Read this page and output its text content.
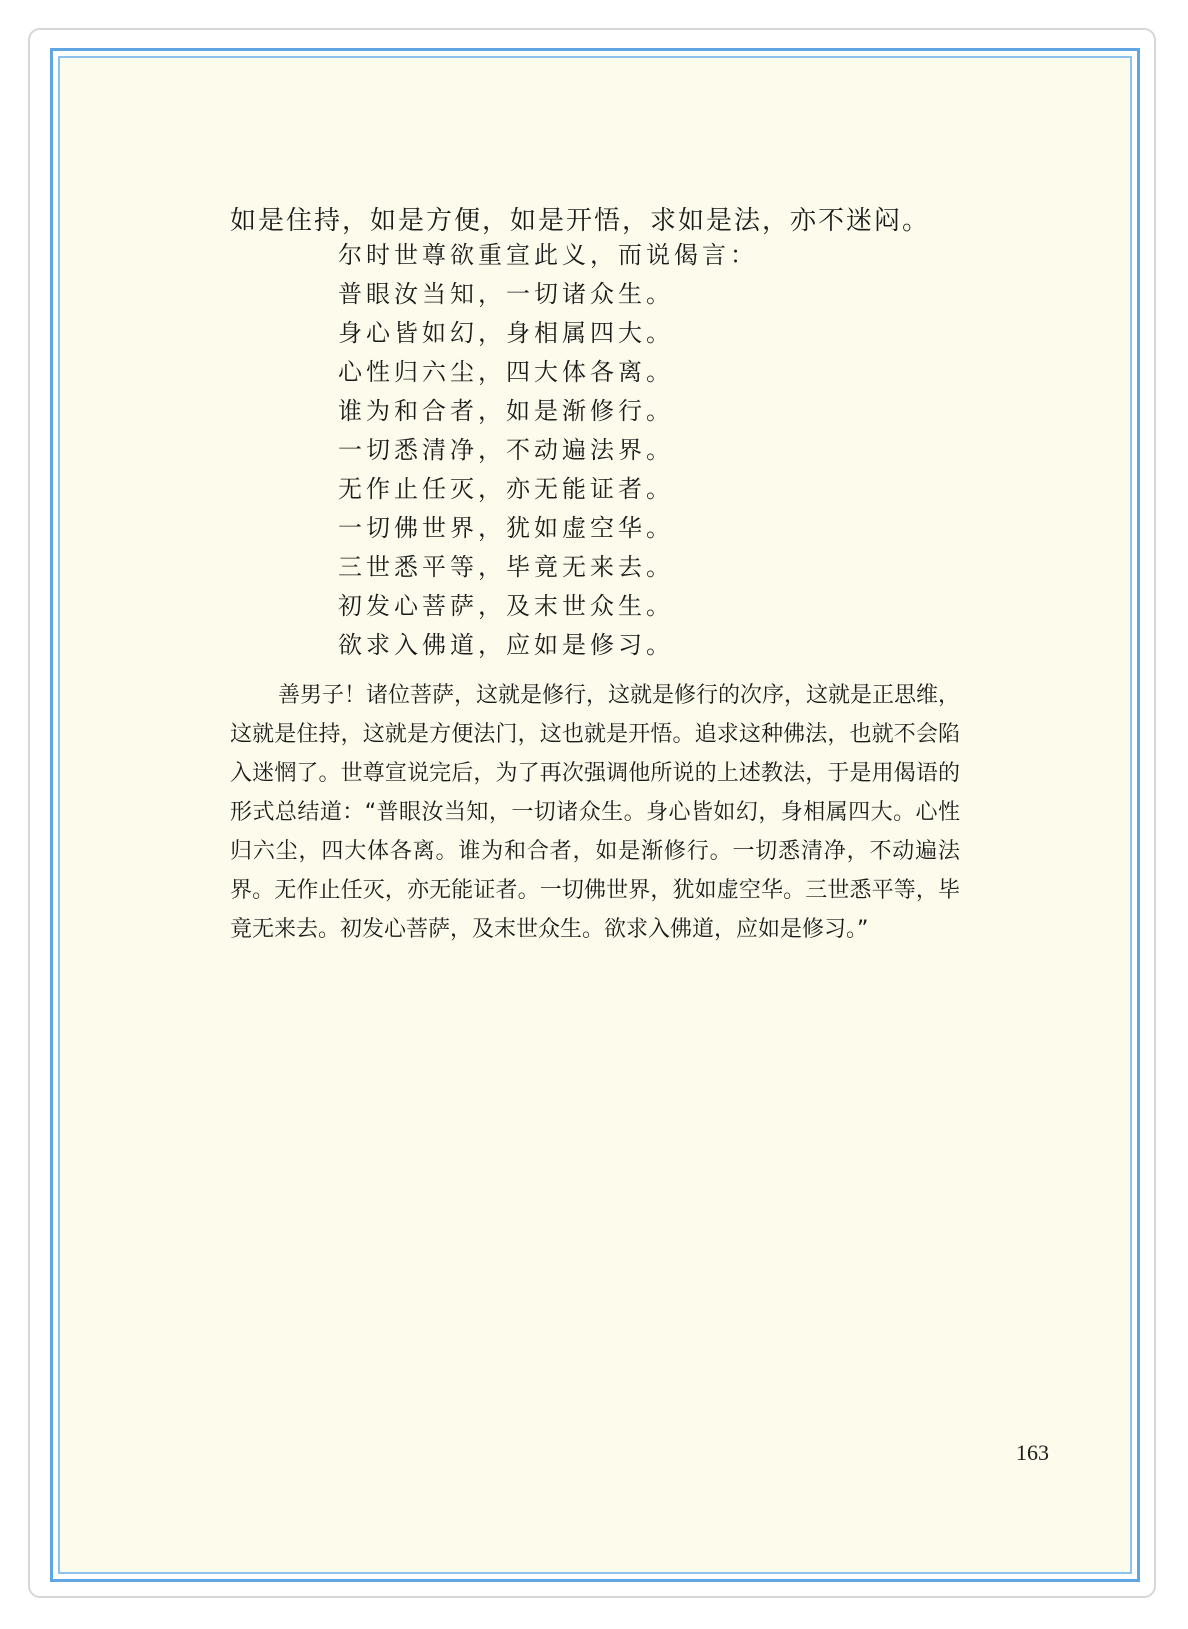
如是住持，如是方便，如是开悟，求如是法，亦不迷闷。
尔时世尊欲重宣此义，而说偈言：
普眼汝当知，一切诸众生。
身心皆如幻，身相属四大。
心性归六尘，四大体各离。
谁为和合者，如是渐修行。
一切悉清净，不动遍法界。
无作止任灭，亦无能证者。
一切佛世界，犹如虚空华。
三世悉平等，毕竟无来去。
初发心菩萨，及末世众生。
欲求入佛道，应如是修习。

善男子！诸位菩萨，这就是修行，这就是修行的次序，这就是正思维，这就是住持，这就是方便法门，这也就是开悟。追求这种佛法，也就不会陷入迷惘了。世尊宣说完后，为了再次强调他所说的上述教法，于是用偈语的形式总结道：“普眼汝当知，一切诸众生。身心皆如幻，身相属四大。心性归六尘，四大体各离。谁为和合者，如是渐修行。一切悉清净，不动遍法界。无作止任灭，亦无能证者。一切佛世界，犹如虚空华。三世悉平等，毕竟无来去。初发心菩萨，及末世众生。欲求入佛道，应如是修习。”

163
